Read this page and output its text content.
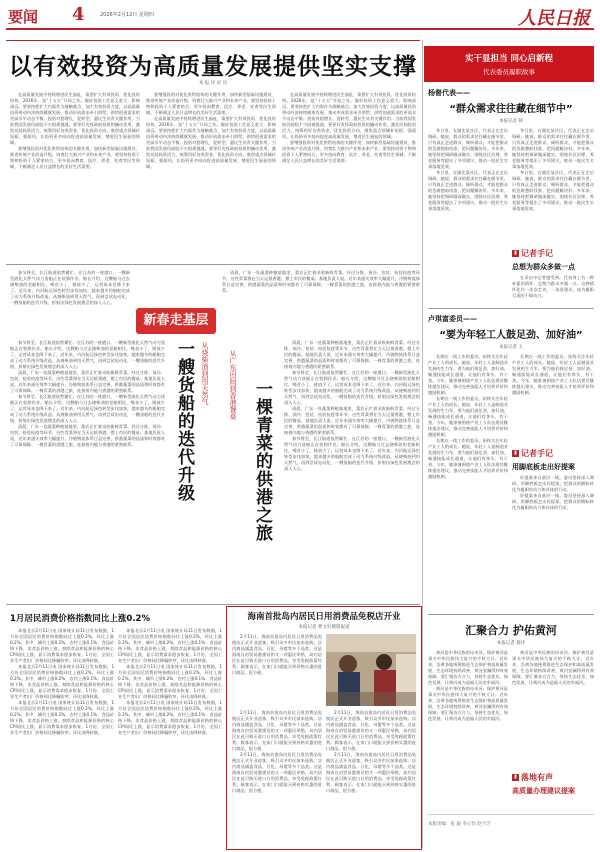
要闻 4	2026年2月12日 星期四	人民日报
以有效投资为高质量发展提供坚实支撑
本 报 评 论 员

在高质量发展中持续增进民生福祉，需要扩大有效投资、优化投资结构。2026年，是“十五五”开局之年。做好投资工作意义重大、影响深远。要坚持把扩大内需作为战略基点，加大有效投资力度，以高质量投资带动经济持续健康发展，推动形成需求牵引供给、供给创造需求的更高水平动态平衡。投资对稳增长、促转型、惠民生具有关键作用。当前我国发展仍面临不少困难挑战，要更好发挥政府投资的撬动作用，激发民间投资活力，统筹用好各类资金，优化投资方向，聚焦重点领域补短板、强弱项，让投资更多投向促进高质量发展、增进民生福祉的领域。

要增强投资对优化供给结构的关键作用，加快新型基础设施建设，推进传统产业改造升级，培育壮大新兴产业和未来产业。要坚持投资于物和投资于人紧密结合，更多投向教育、医疗、养老、托育等民生领域，不断满足人民日益增长的美好生活需要。

要增强投资对优化供给结构的关键作用，加快新型基础设施建设，推进传统产业改造升级，培育壮大新兴产业和未来产业。要坚持投资于物和投资于人紧密结合，更多投向教育、医疗、养老、托育等民生领域，不断满足人民日益增长的美好生活需要。

在高质量发展中持续增进民生福祉，需要扩大有效投资、优化投资结构。2026年，是“十五五”开局之年。做好投资工作意义重大、影响深远。要坚持把扩大内需作为战略基点，加大有效投资力度，以高质量投资带动经济持续健康发展，推动形成需求牵引供给、供给创造需求的更高水平动态平衡。投资对稳增长、促转型、惠民生具有关键作用。当前我国发展仍面临不少困难挑战，要更好发挥政府投资的撬动作用，激发民间投资活力，统筹用好各类资金，优化投资方向，聚焦重点领域补短板、强弱项，让投资更多投向促进高质量发展、增进民生福祉的领域。

在高质量发展中持续增进民生福祉，需要扩大有效投资、优化投资结构。2026年，是“十五五”开局之年。做好投资工作意义重大、影响深远。要坚持把扩大内需作为战略基点，加大有效投资力度，以高质量投资带动经济持续健康发展，推动形成需求牵引供给、供给创造需求的更高水平动态平衡。投资对稳增长、促转型、惠民生具有关键作用。当前我国发展仍面临不少困难挑战，要更好发挥政府投资的撬动作用，激发民间投资活力，统筹用好各类资金，优化投资方向，聚焦重点领域补短板、强弱项，让投资更多投向促进高质量发展、增进民生福祉的领域。

要增强投资对优化供给结构的关键作用，加快新型基础设施建设，推进传统产业改造升级，培育壮大新兴产业和未来产业。要坚持投资于物和投资于人紧密结合，更多投向教育、医疗、养老、托育等民生领域，不断满足人民日益增长的美好生活需要。

春节将至，长江航道依然繁忙。在江苏的一座港口，一艘新型液化天然气动力货船正在装卸作业。船长介绍，这艘船与过去烧柴油的老船相比，噪音小了，排放少了，运营成本也降下来了。近年来，内河航运绿色转型步伐加快，越来越多的船舶完成了动力系统升级改造。从烧柴油到用天然气，再到尝试电动化，一艘货船的迭代升级，折射出绿色发展理念的深入人心。

新春走基层

清晨，广东一处蔬菜种植基地里，菜农正忙着采收新鲜青菜。经过分拣、预冷、包装、检验检疫等环节，这些青菜将在当天运抵香港，摆上市民的餐桌。基地负责人说，近年来通关效率大幅提升，冷链物流体系日益完善，供港蔬菜的品质和时效都有了可靠保障。一棵青菜的供港之旅，连接着内地与香港的紧密联系。

一艘货船的迭代升级	从烧柴油到用天然气

春节将至，长江航道依然繁忙。在江苏的一座港口，一艘新型液化天然气动力货船正在装卸作业。船长介绍，这艘船与过去烧柴油的老船相比，噪音小了，排放少了，运营成本也降下来了。近年来，内河航运绿色转型步伐加快，越来越多的船舶完成了动力系统升级改造。从烧柴油到用天然气，再到尝试电动化，一艘货船的迭代升级，折射出绿色发展理念的深入人心。

清晨，广东一处蔬菜种植基地里，菜农正忙着采收新鲜青菜。经过分拣、预冷、包装、检验检疫等环节，这些青菜将在当天运抵香港，摆上市民的餐桌。基地负责人说，近年来通关效率大幅提升，冷链物流体系日益完善，供港蔬菜的品质和时效都有了可靠保障。一棵青菜的供港之旅，连接着内地与香港的紧密联系。

春节将至，长江航道依然繁忙。在江苏的一座港口，一艘新型液化天然气动力货船正在装卸作业。船长介绍，这艘船与过去烧柴油的老船相比，噪音小了，排放少了，运营成本也降下来了。近年来，内河航运绿色转型步伐加快，越来越多的船舶完成了动力系统升级改造。从烧柴油到用天然气，再到尝试电动化，一艘货船的迭代升级，折射出绿色发展理念的深入人心。

清晨，广东一处蔬菜种植基地里，菜农正忙着采收新鲜青菜。经过分拣、预冷、包装、检验检疫等环节，这些青菜将在当天运抵香港，摆上市民的餐桌。基地负责人说，近年来通关效率大幅提升，冷链物流体系日益完善，供港蔬菜的品质和时效都有了可靠保障。一棵青菜的供港之旅，连接着内地与香港的紧密联系。	一棵青菜的供港之旅
从广东田间到香港餐桌

清晨，广东一处蔬菜种植基地里，菜农正忙着采收新鲜青菜。经过分拣、预冷、包装、检验检疫等环节，这些青菜将在当天运抵香港，摆上市民的餐桌。基地负责人说，近年来通关效率大幅提升，冷链物流体系日益完善，供港蔬菜的品质和时效都有了可靠保障。一棵青菜的供港之旅，连接着内地与香港的紧密联系。

春节将至，长江航道依然繁忙。在江苏的一座港口，一艘新型液化天然气动力货船正在装卸作业。船长介绍，这艘船与过去烧柴油的老船相比，噪音小了，排放少了，运营成本也降下来了。近年来，内河航运绿色转型步伐加快，越来越多的船舶完成了动力系统升级改造。从烧柴油到用天然气，再到尝试电动化，一艘货船的迭代升级，折射出绿色发展理念的深入人心。

清晨，广东一处蔬菜种植基地里，菜农正忙着采收新鲜青菜。经过分拣、预冷、包装、检验检疫等环节，这些青菜将在当天运抵香港，摆上市民的餐桌。基地负责人说，近年来通关效率大幅提升，冷链物流体系日益完善，供港蔬菜的品质和时效都有了可靠保障。一棵青菜的供港之旅，连接着内地与香港的紧密联系。

春节将至，长江航道依然繁忙。在江苏的一座港口，一艘新型液化天然气动力货船正在装卸作业。船长介绍，这艘船与过去烧柴油的老船相比，噪音小了，排放少了，运营成本也降下来了。近年来，内河航运绿色转型步伐加快，越来越多的船舶完成了动力系统升级改造。从烧柴油到用天然气，再到尝试电动化，一艘货船的迭代升级，折射出绿色发展理念的深入人心。

1月居民消费价格指数同比上涨0.2%

本报北京2月11日电 国家统计局11日发布数据，1月份全国居民消费价格指数同比上涨0.2%，环比上涨0.2%。其中，城市上涨0.2%，农村上涨0.1%；食品价格下降，非食品价格上涨。扣除食品和能源价格的核心CPI同比上涨，显示消费需求稳步恢复。1月份，全国工业生产者出厂价格同比降幅收窄，环比由降转涨。

本报北京2月11日电 国家统计局11日发布数据，1月份全国居民消费价格指数同比上涨0.2%，环比上涨0.2%。其中，城市上涨0.2%，农村上涨0.1%；食品价格下降，非食品价格上涨。扣除食品和能源价格的核心CPI同比上涨，显示消费需求稳步恢复。1月份，全国工业生产者出厂价格同比降幅收窄，环比由降转涨。

本报北京2月11日电 国家统计局11日发布数据，1月份全国居民消费价格指数同比上涨0.2%，环比上涨0.2%。其中，城市上涨0.2%，农村上涨0.1%；食品价格下降，非食品价格上涨。扣除食品和能源价格的核心CPI同比上涨，显示消费需求稳步恢复。1月份，全国工业生产者出厂价格同比降幅收窄，环比由降转涨。

本报北京2月11日电 国家统计局11日发布数据，1月份全国居民消费价格指数同比上涨0.2%，环比上涨0.2%。其中，城市上涨0.2%，农村上涨0.1%；食品价格下降，非食品价格上涨。扣除食品和能源价格的核心CPI同比上涨，显示消费需求稳步恢复。1月份，全国工业生产者出厂价格同比降幅收窄，环比由降转涨。

本报北京2月11日电 国家统计局11日发布数据，1月份全国居民消费价格指数同比上涨0.2%，环比上涨0.2%。其中，城市上涨0.2%，农村上涨0.1%；食品价格下降，非食品价格上涨。扣除食品和能源价格的核心CPI同比上涨，显示消费需求稳步恢复。1月份，全国工业生产者出厂价格同比降幅收窄，环比由降转涨。

本报北京2月11日电 国家统计局11日发布数据，1月份全国居民消费价格指数同比上涨0.2%，环比上涨0.2%。其中，城市上涨0.2%，农村上涨0.1%；食品价格下降，非食品价格上涨。扣除食品和能源价格的核心CPI同比上涨，显示消费需求稳步恢复。1月份，全国工业生产者出厂价格同比降幅收窄，环比由降转涨。

海南首批岛内居民日用消费品免税店开业
本报记者 曹文轩摄影报道

2月11日，海南首批岛内居民日用消费品免税店正式开业迎客，吸引众多市民前来选购。店内商品涵盖食品、日化、母婴等多个品类。这是海南自由贸易港建设的又一项惠民举措，岛内居民在此可购买进口日用消费品，享受免税政策红利。顾客表示，在家门口就能买到价格实惠的进口商品，很方便。

2月11日，海南首批岛内居民日用消费品免税店正式开业迎客，吸引众多市民前来选购。店内商品涵盖食品、日化、母婴等多个品类。这是海南自由贸易港建设的又一项惠民举措，岛内居民在此可购买进口日用消费品，享受免税政策红利。顾客表示，在家门口就能买到价格实惠的进口商品，很方便。

2月11日，海南首批岛内居民日用消费品免税店正式开业迎客，吸引众多市民前来选购。店内商品涵盖食品、日化、母婴等多个品类。这是海南自由贸易港建设的又一项惠民举措，岛内居民在此可购买进口日用消费品，享受免税政策红利。顾客表示，在家门口就能买到价格实惠的进口商品，很方便。

2月11日，海南首批岛内居民日用消费品免税店正式开业迎客，吸引众多市民前来选购。店内商品涵盖食品、日化、母婴等多个品类。这是海南自由贸易港建设的又一项惠民举措，岛内居民在此可购买进口日用消费品，享受免税政策红利。顾客表示，在家门口就能买到价格实惠的进口商品，很方便。

2月11日，海南首批岛内居民日用消费品免税店正式开业迎客，吸引众多市民前来选购。店内商品涵盖食品、日化、母婴等多个品类。这是海南自由贸易港建设的又一项惠民举措，岛内居民在此可购买进口日用消费品，享受免税政策红利。顾客表示，在家门口就能买到价格实惠的进口商品，很方便。

实干显担当 同心启新程
代表委员履职故事
杨督代表——
“群众需求往往藏在细节中”
本报记者 韩

冬日里，在湖北某社区，代表正在走访调研。她说，群众的需求往往藏在细节里，只有真正走进群众、倾听群众，才能把群众的急难愁盼找准、把问题解决好。多年来，她坚持把调研做深做实，围绕社区治理、养老服务等提出了多项建议，推动一批民生实事落地见效。

冬日里，在湖北某社区，代表正在走访调研。她说，群众的需求往往藏在细节里，只有真正走进群众、倾听群众，才能把群众的急难愁盼找准、把问题解决好。多年来，她坚持把调研做深做实，围绕社区治理、养老服务等提出了多项建议，推动一批民生实事落地见效。

冬日里，在湖北某社区，代表正在走访调研。她说，群众的需求往往藏在细节里，只有真正走进群众、倾听群众，才能把群众的急难愁盼找准、把问题解决好。多年来，她坚持把调研做深做实，围绕社区治理、养老服务等提出了多项建议，推动一批民生实事落地见效。

冬日里，在湖北某社区，代表正在走访调研。她说，群众的需求往往藏在细节里，只有真正走进群众、倾听群众，才能把群众的急难愁盼找准、把问题解决好。多年来，她坚持把调研做深做实，围绕社区治理、养老服务等提出了多项建议，推动一批民生实事落地见效。

▮ 记者手记
总想为群众多做一点

在采访中记者感受到，代表身上有一种朴素的情怀：总想为群众多做一点。这种情怀化作一次次走访、一条条建议，成为履职尽责的不竭动力。

卢琪富委员——
“要为年轻工人鼓足劲、加好油”
本报记者 王

长期在一线工作的委员，始终关注年轻产业工人的成长。她说，年轻工人是制造业发展的生力军，要为他们鼓足劲、加好油，畅通技能成长通道，让他们有奔头、有干劲。今年，她准备围绕产业工人队伍建设继续提出建议，推动完善技能人才培养评价和激励机制。

长期在一线工作的委员，始终关注年轻产业工人的成长。她说，年轻工人是制造业发展的生力军，要为他们鼓足劲、加好油，畅通技能成长通道，让他们有奔头、有干劲。今年，她准备围绕产业工人队伍建设继续提出建议，推动完善技能人才培养评价和激励机制。

长期在一线工作的委员，始终关注年轻产业工人的成长。她说，年轻工人是制造业发展的生力军，要为他们鼓足劲、加好油，畅通技能成长通道，让他们有奔头、有干劲。今年，她准备围绕产业工人队伍建设继续提出建议，推动完善技能人才培养评价和激励机制。

长期在一线工作的委员，始终关注年轻产业工人的成长。她说，年轻工人是制造业发展的生力军，要为他们鼓足劲、加好油，畅通技能成长通道，让他们有奔头、有干劲。今年，她准备围绕产业工人队伍建设继续提出建议，推动完善技能人才培养评价和激励机制。

▮ 记者手记
用脚底板走出好提案

好提案来自基层一线。委员坚持深入调研，用脚底板走出好提案，把群众的期盼转化为履职的动力和具体的行动。

好提案来自基层一线。委员坚持深入调研，用脚底板走出好提案，把群众的期盼转化为履职的动力和具体的行动。

汇聚合力 护佑黄河
本报记者 蔡洋

黄河是中华民族的母亲河。保护黄河是事关中华民族伟大复兴的千秋大计。近年来，沿黄各地统筹推进生态保护和高质量发展，生态环境持续改善，黄河安澜得到有效保障。要汇聚各方合力，坚持生态优先、绿色发展，让黄河成为造福人民的幸福河。

黄河是中华民族的母亲河。保护黄河是事关中华民族伟大复兴的千秋大计。近年来，沿黄各地统筹推进生态保护和高质量发展，生态环境持续改善，黄河安澜得到有效保障。要汇聚各方合力，坚持生态优先、绿色发展，让黄河成为造福人民的幸福河。

黄河是中华民族的母亲河。保护黄河是事关中华民族伟大复兴的千秋大计。近年来，沿黄各地统筹推进生态保护和高质量发展，生态环境持续改善，黄河安澜得到有效保障。要汇聚各方合力，坚持生态优先、绿色发展，让黄河成为造福人民的幸福河。

▮ 落地有声
高质量办理建议提案
本版责编：张 毅 李心怡 赵月芳
